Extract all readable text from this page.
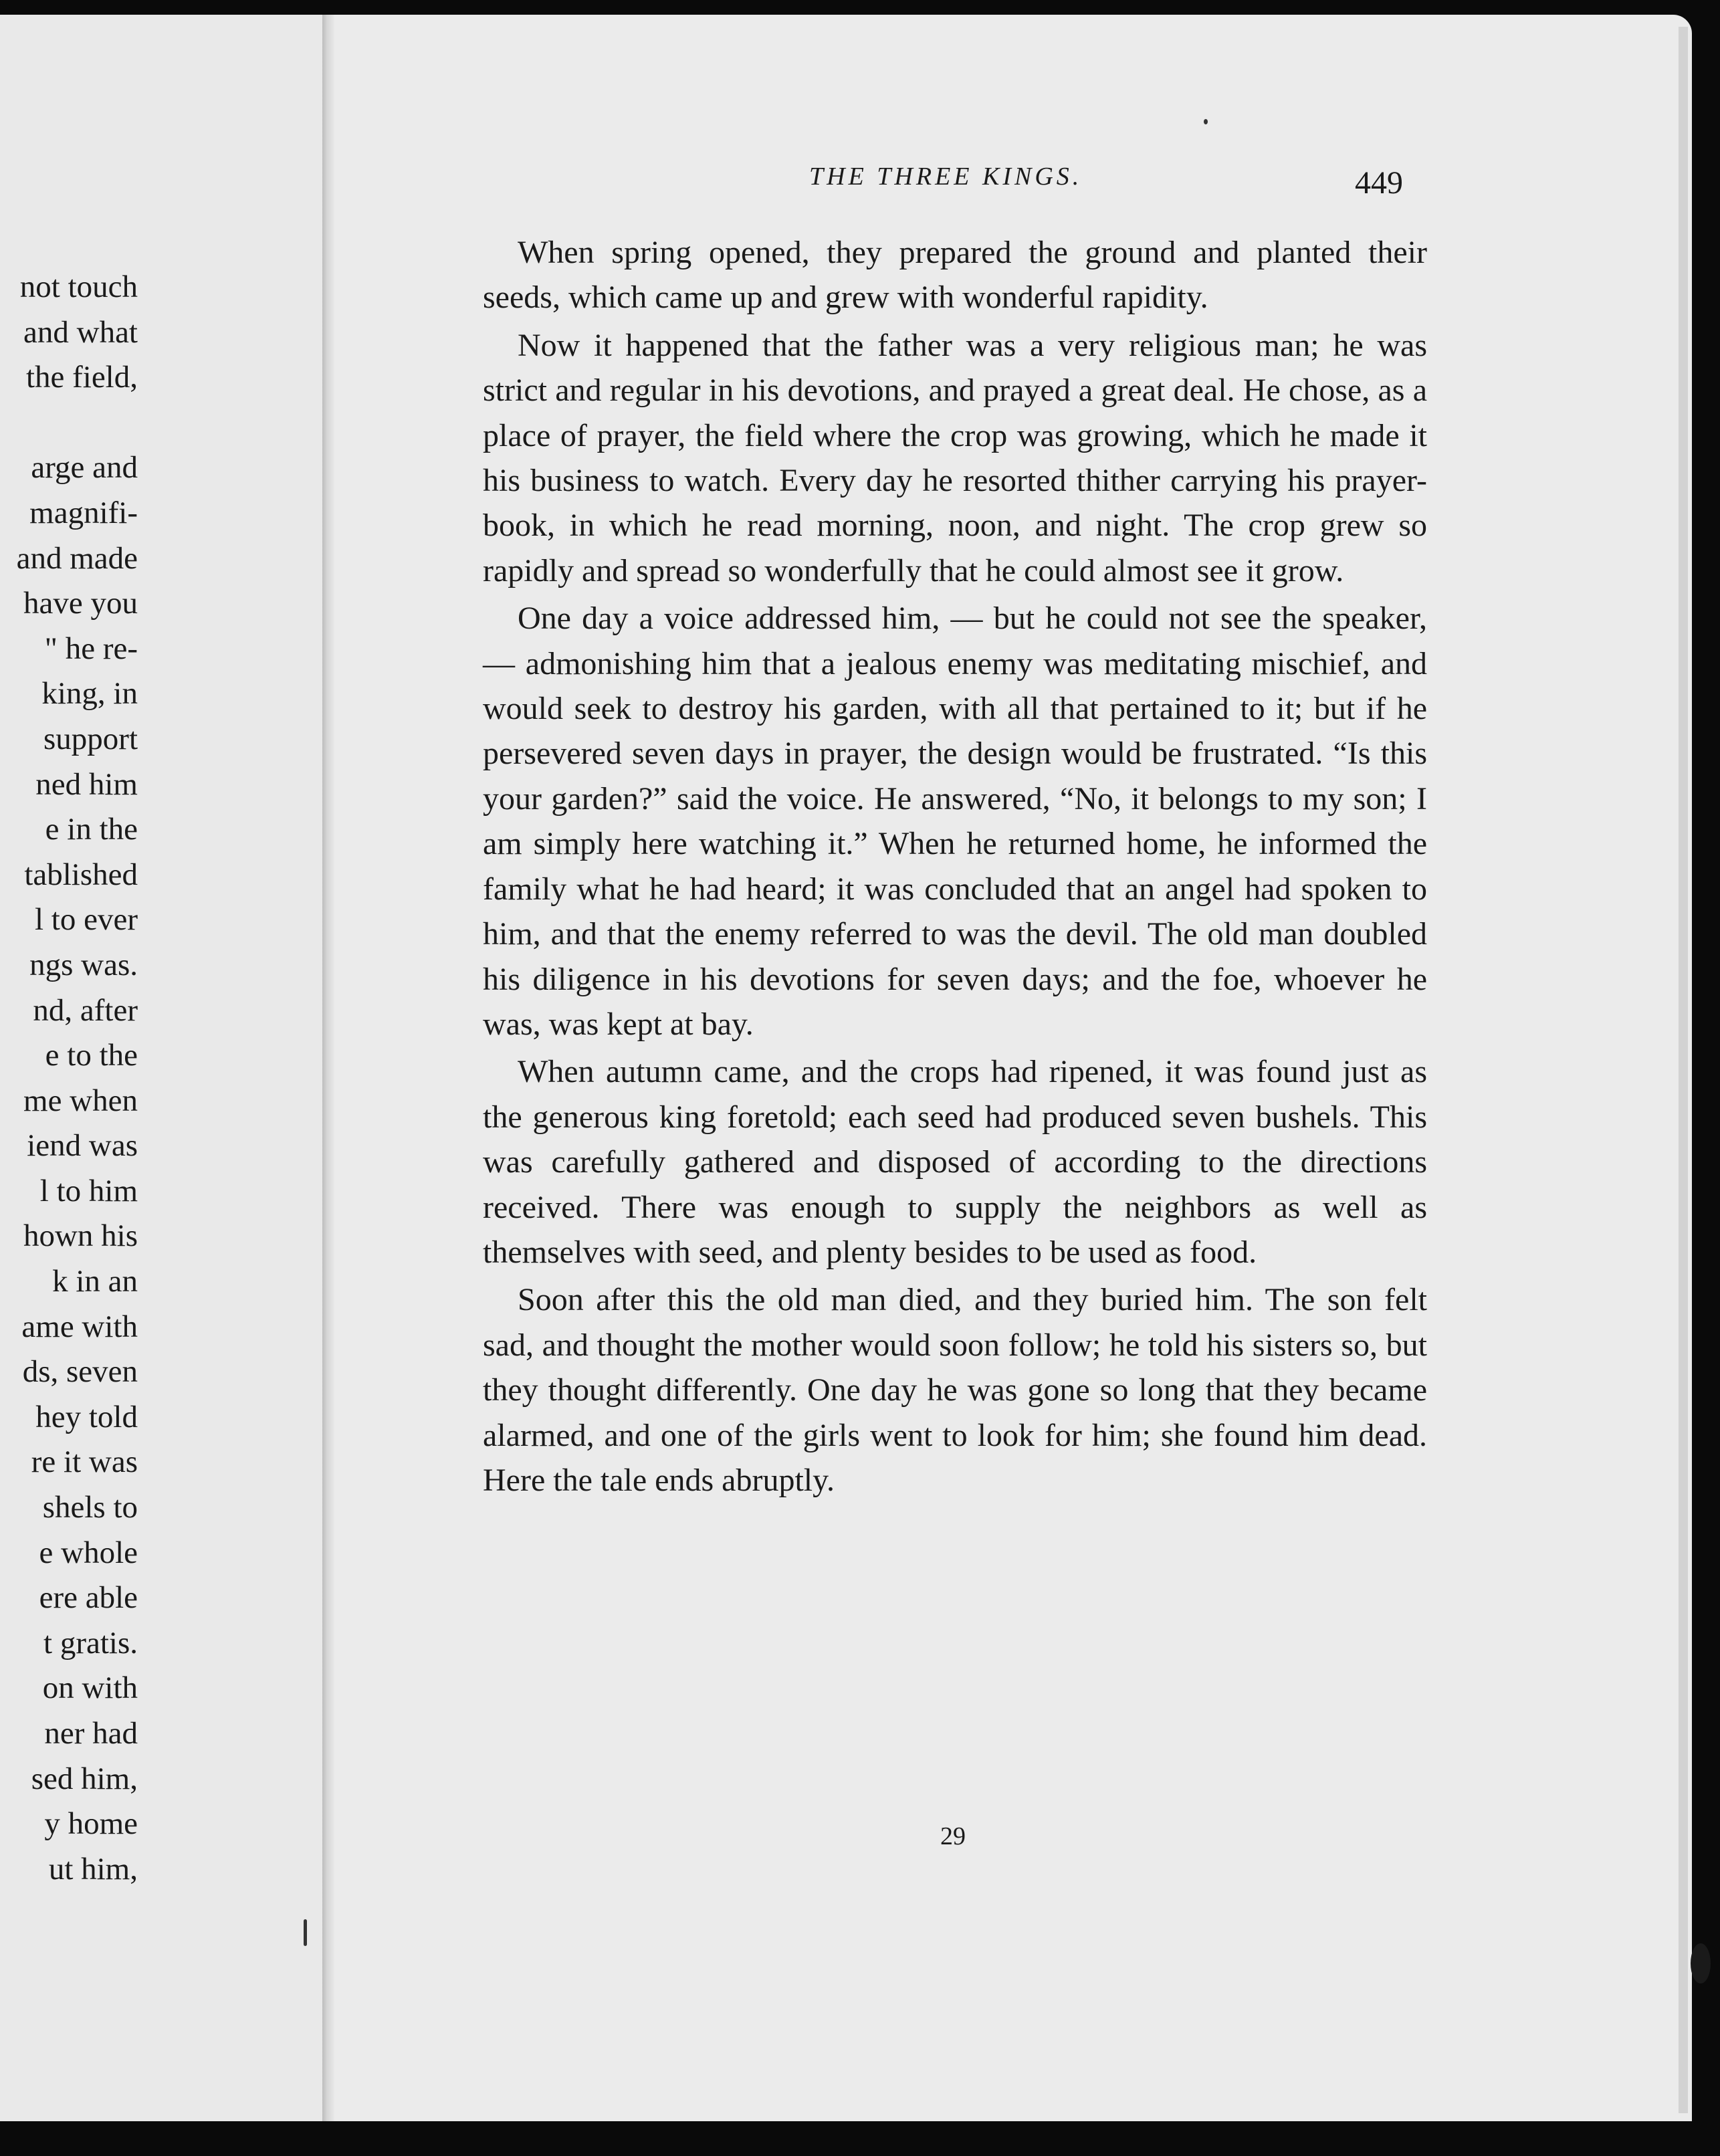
not touch
and what
the field,
arge and
magnifi-
and made
have you
" he re-
king, in
support
ned him
e in the
tablished
l to ever
ngs was.
nd, after
e to the
me when
iend was
l to him
hown his
k in an
ame with
ds, seven
hey told
re it was
shels to
e whole
ere able
t gratis.
on with
ner had
sed him,
y home
ut him,
THE THREE KINGS.	449

When spring opened, they prepared the ground and planted their seeds, which came up and grew with wonderful rapidity.

Now it happened that the father was a very religious man; he was strict and regular in his devotions, and prayed a great deal. He chose, as a place of prayer, the field where the crop was growing, which he made it his business to watch. Every day he resorted thither carrying his prayer-book, in which he read morning, noon, and night. The crop grew so rapidly and spread so wonderfully that he could almost see it grow.

One day a voice addressed him, — but he could not see the speaker, — admonishing him that a jealous enemy was meditating mischief, and would seek to destroy his garden, with all that pertained to it; but if he persevered seven days in prayer, the design would be frustrated. “Is this your garden?” said the voice. He answered, “No, it belongs to my son; I am simply here watching it.” When he returned home, he informed the family what he had heard; it was concluded that an angel had spoken to him, and that the enemy referred to was the devil. The old man doubled his diligence in his devotions for seven days; and the foe, whoever he was, was kept at bay.

When autumn came, and the crops had ripened, it was found just as the generous king foretold; each seed had produced seven bushels. This was carefully gathered and disposed of according to the directions received. There was enough to supply the neighbors as well as themselves with seed, and plenty besides to be used as food.

Soon after this the old man died, and they buried him. The son felt sad, and thought the mother would soon follow; he told his sisters so, but they thought differently. One day he was gone so long that they became alarmed, and one of the girls went to look for him; she found him dead. Here the tale ends abruptly.

29
